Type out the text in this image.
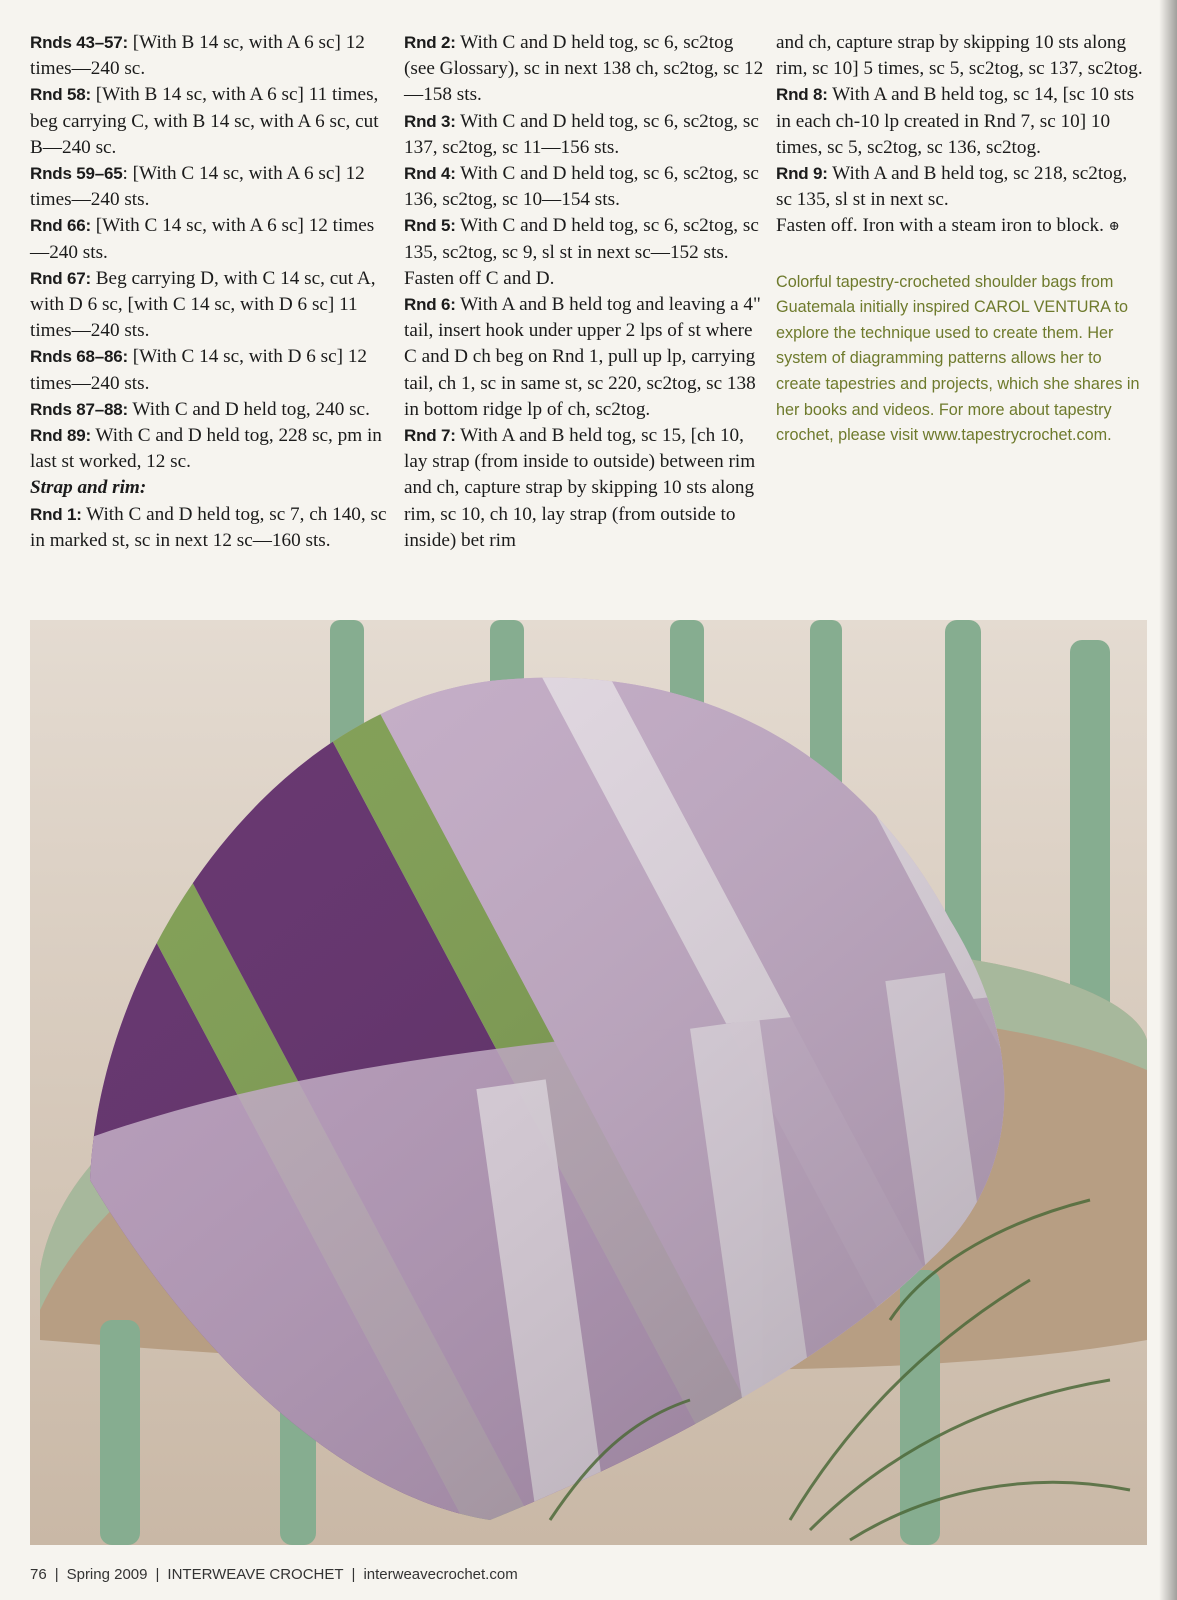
Rnds 43–57: [With B 14 sc, with A 6 sc] 12 times—240 sc.

Rnd 58: [With B 14 sc, with A 6 sc] 11 times, beg carrying C, with B 14 sc, with A 6 sc, cut B—240 sc.

Rnds 59–65: [With C 14 sc, with A 6 sc] 12 times—240 sts.

Rnd 66: [With C 14 sc, with A 6 sc] 12 times—240 sts.

Rnd 67: Beg carrying D, with C 14 sc, cut A, with D 6 sc, [with C 14 sc, with D 6 sc] 11 times—240 sts.

Rnds 68–86: [With C 14 sc, with D 6 sc] 12 times—240 sts.

Rnds 87–88: With C and D held tog, 240 sc.

Rnd 89: With C and D held tog, 228 sc, pm in last st worked, 12 sc.

Strap and rim:

Rnd 1: With C and D held tog, sc 7, ch 140, sc in marked st, sc in next 12 sc—160 sts.

Rnd 2: With C and D held tog, sc 6, sc2tog (see Glossary), sc in next 138 ch, sc2tog, sc 12—158 sts.

Rnd 3: With C and D held tog, sc 6, sc2tog, sc 137, sc2tog, sc 11—156 sts.

Rnd 4: With C and D held tog, sc 6, sc2tog, sc 136, sc2tog, sc 10—154 sts.

Rnd 5: With C and D held tog, sc 6, sc2tog, sc 135, sc2tog, sc 9, sl st in next sc—152 sts. Fasten off C and D.

Rnd 6: With A and B held tog and leaving a 4" tail, insert hook under upper 2 lps of st where C and D ch beg on Rnd 1, pull up lp, carrying tail, ch 1, sc in same st, sc 220, sc2tog, sc 138 in bottom ridge lp of ch, sc2tog.

Rnd 7: With A and B held tog, sc 15, [ch 10, lay strap (from inside to outside) between rim and ch, capture strap by skipping 10 sts along rim, sc 10, ch 10, lay strap (from outside to inside) bet rim

and ch, capture strap by skipping 10 sts along rim, sc 10] 5 times, sc 5, sc2tog, sc 137, sc2tog.

Rnd 8: With A and B held tog, sc 14, [sc 10 sts in each ch-10 lp created in Rnd 7, sc 10] 10 times, sc 5, sc2tog, sc 136, sc2tog.

Rnd 9: With A and B held tog, sc 218, sc2tog, sc 135, sl st in next sc.

Fasten off. Iron with a steam iron to block. ⊕

Colorful tapestry-crocheted shoulder bags from Guatemala initially inspired CAROL VENTURA to explore the technique used to create them. Her system of diagramming patterns allows her to create tapestries and projects, which she shares in her books and videos. For more about tapestry crochet, please visit www.tapestrycrochet.com.

76 | Spring 2009 | INTERWEAVE CROCHET | interweavecrochet.com
